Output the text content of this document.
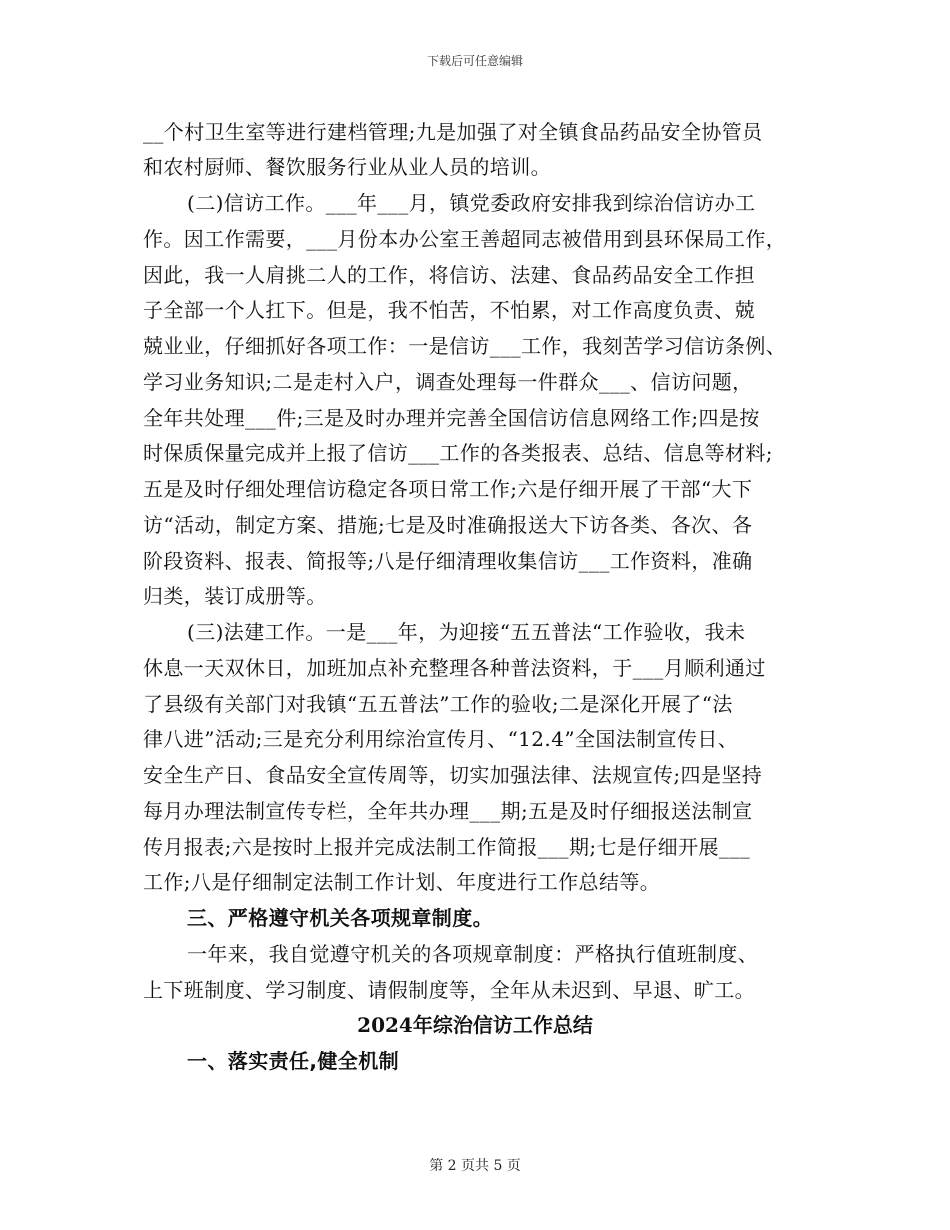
下载后可任意编辑
__个村卫生室等进行建档管理;九是加强了对全镇食品药品安全协管员
和农村厨师、餐饮服务行业从业人员的培训。
(二)信访工作。___年___月，镇党委政府安排我到综治信访办工
作。因工作需要，___月份本办公室王善超同志被借用到县环保局工作，
因此，我一人肩挑二人的工作，将信访、法建、食品药品安全工作担
子全部一个人扛下。但是，我不怕苦，不怕累，对工作高度负责、兢
兢业业，仔细抓好各项工作：一是信访___工作，我刻苦学习信访条例、
学习业务知识;二是走村入户，调查处理每一件群众___、信访问题，
全年共处理___件;三是及时办理并完善全国信访信息网络工作;四是按
时保质保量完成并上报了信访___工作的各类报表、总结、信息等材料;
五是及时仔细处理信访稳定各项日常工作;六是仔细开展了干部“大下
访“活动，制定方案、措施;七是及时准确报送大下访各类、各次、各
阶段资料、报表、简报等;八是仔细清理收集信访___工作资料，准确
归类，装订成册等。
(三)法建工作。一是___年，为迎接“五五普法“工作验收，我未
休息一天双休日，加班加点补充整理各种普法资料，于___月顺利通过
了县级有关部门对我镇“五五普法”工作的验收;二是深化开展了“法
律八进”活动;三是充分利用综治宣传月、“12.4”全国法制宣传日、
安全生产日、食品安全宣传周等，切实加强法律、法规宣传;四是坚持
每月办理法制宣传专栏，全年共办理___期;五是及时仔细报送法制宣
传月报表;六是按时上报并完成法制工作简报___期;七是仔细开展___
工作;八是仔细制定法制工作计划、年度进行工作总结等。
三、严格遵守机关各项规章制度。
一年来，我自觉遵守机关的各项规章制度：严格执行值班制度、
上下班制度、学习制度、请假制度等，全年从未迟到、早退、旷工。
2024年综治信访工作总结
一、落实责任,健全机制
第 2 页共 5 页
